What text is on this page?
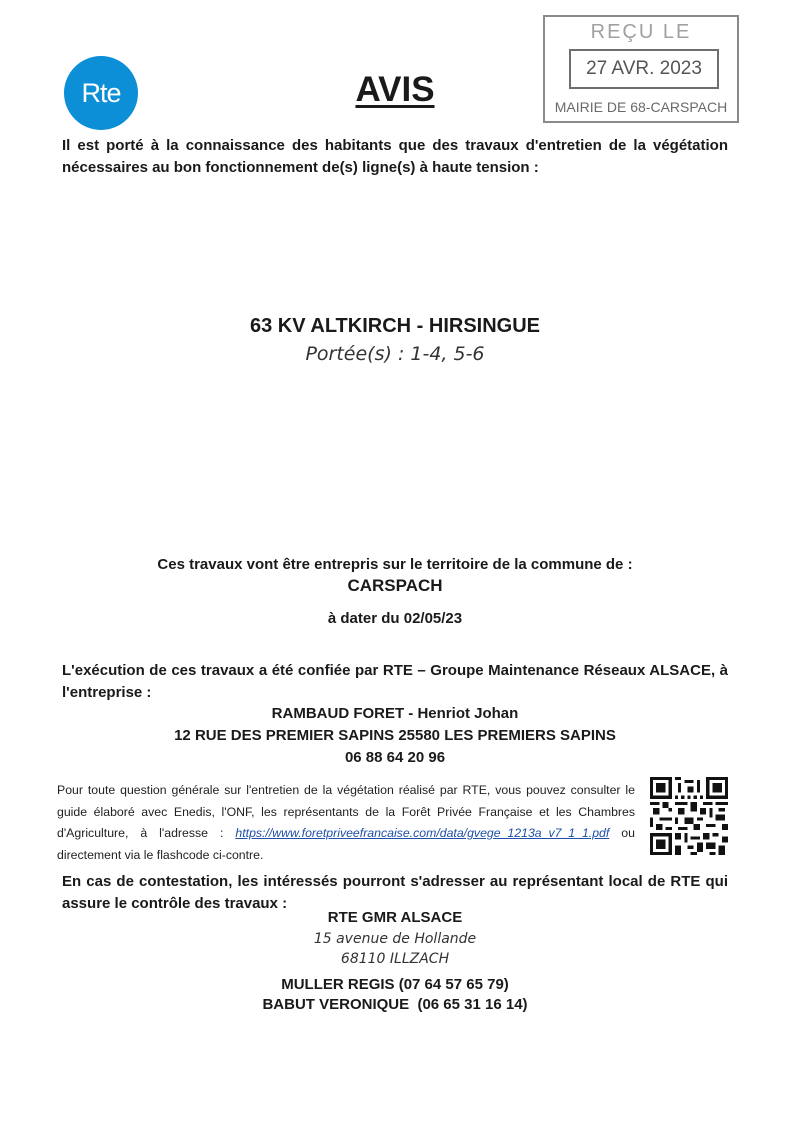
Rte
REÇU LE
27 AVR. 2023
MAIRIE DE 68-CARSPACH
AVIS
Il est porté à la connaissance des habitants que des travaux d'entretien de la végétation nécessaires au bon fonctionnement de(s) ligne(s) à haute tension :
63 KV ALTKIRCH - HIRSINGUE
Portée(s) : 1-4, 5-6
Ces travaux vont être entrepris sur le territoire de la commune de :
CARSPACH
à dater du 02/05/23
L'exécution de ces travaux a été confiée par RTE – Groupe Maintenance Réseaux ALSACE, à l'entreprise :
RAMBAUD FORET - Henriot Johan
12 RUE DES PREMIER SAPINS 25580 LES PREMIERS SAPINS
06 88 64 20 96
Pour toute question générale sur l'entretien de la végétation réalisé par RTE, vous pouvez consulter le guide élaboré avec Enedis, l'ONF, les représentants de la Forêt Privée Française et les Chambres d'Agriculture, à l'adresse : https://www.foretpriveefrancaise.com/data/gvege_1213a_v7_1_1.pdf ou directement via le flashcode ci-contre.
En cas de contestation, les intéressés pourront s'adresser au représentant local de RTE qui assure le contrôle des travaux :
RTE GMR ALSACE
15 avenue de Hollande
68110 ILLZACH
MULLER REGIS (07 64 57 65 79)
BABUT VERONIQUE  (06 65 31 16 14)
